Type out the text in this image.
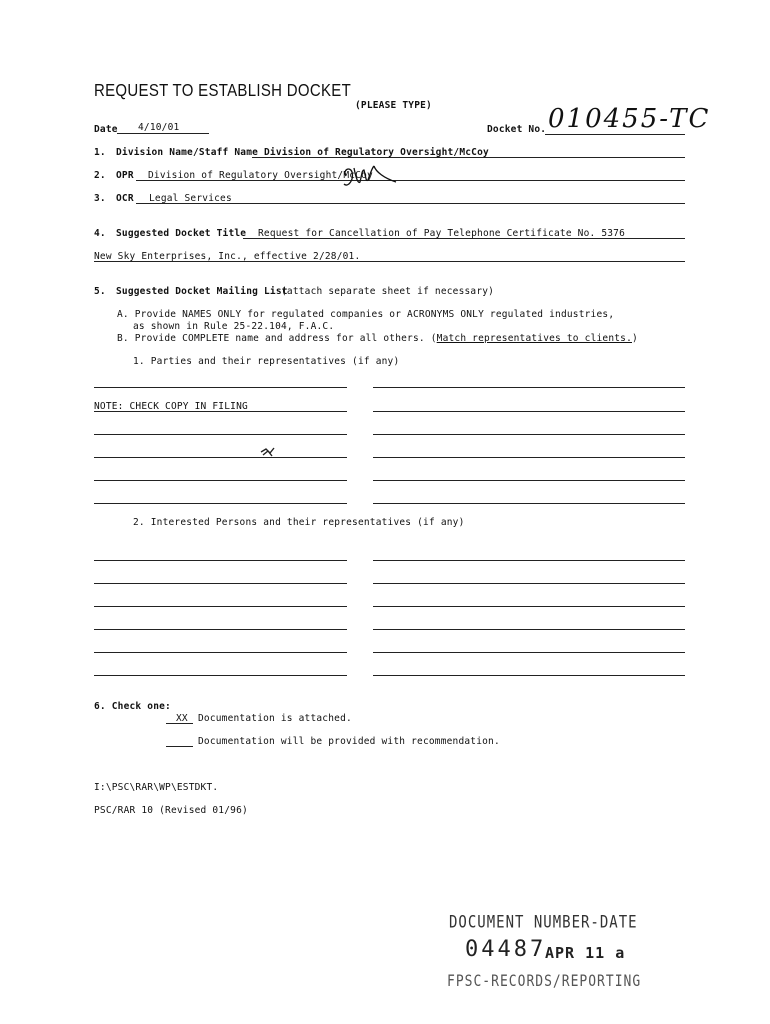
REQUEST TO ESTABLISH DOCKET
(PLEASE TYPE)
Date 4/10/01	Docket No. 010455-TC
1. Division Name/Staff Name Division of Regulatory Oversight/McCoy
2. OPR Division of Regulatory Oversight/McCoy
3. OCR Legal Services
4. Suggested Docket Title Request for Cancellation of Pay Telephone Certificate No. 5376
New Sky Enterprises, Inc., effective 2/28/01.
5. Suggested Docket Mailing List
(attach separate sheet if necessary)
A. Provide NAMES ONLY for regulated companies or ACRONYMS ONLY regulated industries,
as shown in Rule 25-22.104, F.A.C.
B. Provide COMPLETE name and address for all others. (Match representatives to clients.)
1. Parties and their representatives (if any)
NOTE: CHECK COPY IN FILING
2. Interested Persons and their representatives (if any)
6. Check one:
XX Documentation is attached.
Documentation will be provided with recommendation.
I:\PSC\RAR\WP\ESTDKT.
PSC/RAR 10 (Revised 01/96)
DOCUMENT NUMBER-DATE
04487
APR 11 a
FPSC-RECORDS/REPORTING
